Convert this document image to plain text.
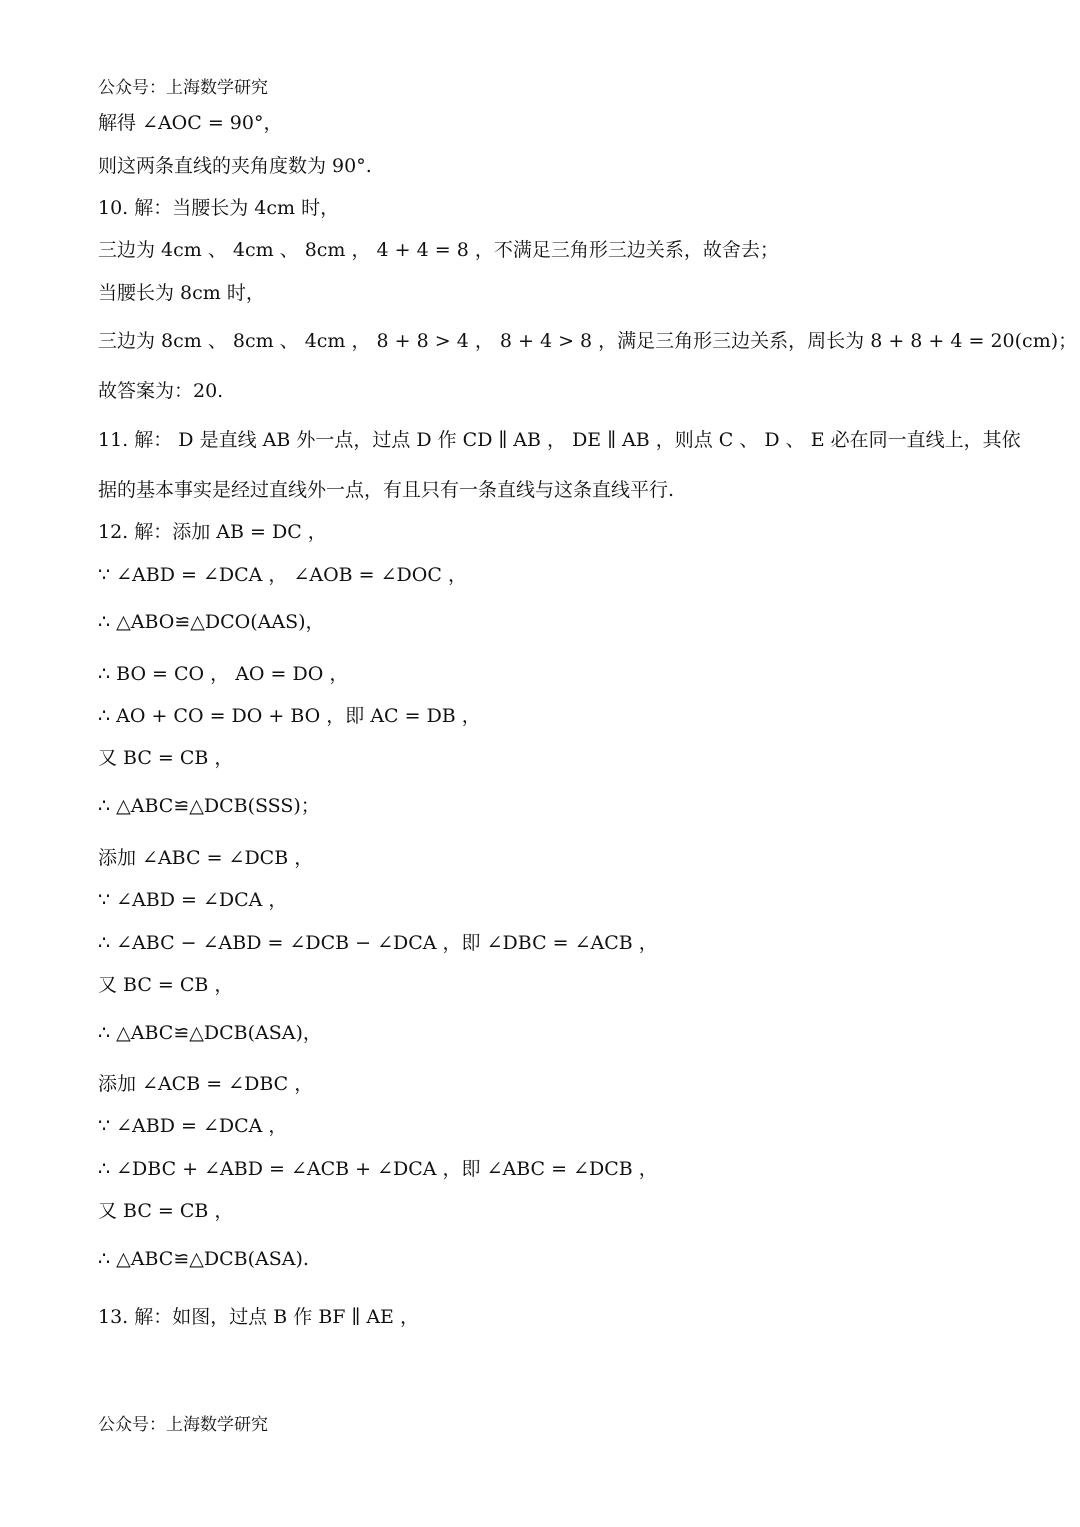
公众号：上海数学研究
解得 ∠AOC = 90°，
则这两条直线的夹角度数为 90°.
10. 解：当腰长为 4cm 时，
三边为 4cm 、 4cm 、 8cm ， 4 + 4 = 8 ，不满足三角形三边关系，故舍去；
当腰长为 8cm 时，
三边为 8cm 、 8cm 、 4cm ， 8 + 8 > 4 ， 8 + 4 > 8 ，满足三角形三边关系，周长为 8 + 8 + 4 = 20(cm)；
故答案为：20.
11. 解： D 是直线 AB 外一点，过点 D 作 CD ∥ AB ， DE ∥ AB ，则点 C 、 D 、 E 必在同一直线上，其依
据的基本事实是经过直线外一点，有且只有一条直线与这条直线平行.
12. 解：添加 AB = DC ，
∵ ∠ABD = ∠DCA ， ∠AOB = ∠DOC ，
∴ △ABO≌△DCO(AAS)，
∴ BO = CO ， AO = DO ，
∴ AO + CO = DO + BO ，即 AC = DB ，
又 BC = CB ，
∴ △ABC≌△DCB(SSS)；
添加 ∠ABC = ∠DCB ，
∵ ∠ABD = ∠DCA ，
∴ ∠ABC − ∠ABD = ∠DCB − ∠DCA ，即 ∠DBC = ∠ACB ，
又 BC = CB ，
∴ △ABC≌△DCB(ASA)，
添加 ∠ACB = ∠DBC ，
∵ ∠ABD = ∠DCA ，
∴ ∠DBC + ∠ABD = ∠ACB + ∠DCA ，即 ∠ABC = ∠DCB ，
又 BC = CB ，
∴ △ABC≌△DCB(ASA).
13. 解：如图，过点 B 作 BF ∥ AE ，
公众号：上海数学研究
